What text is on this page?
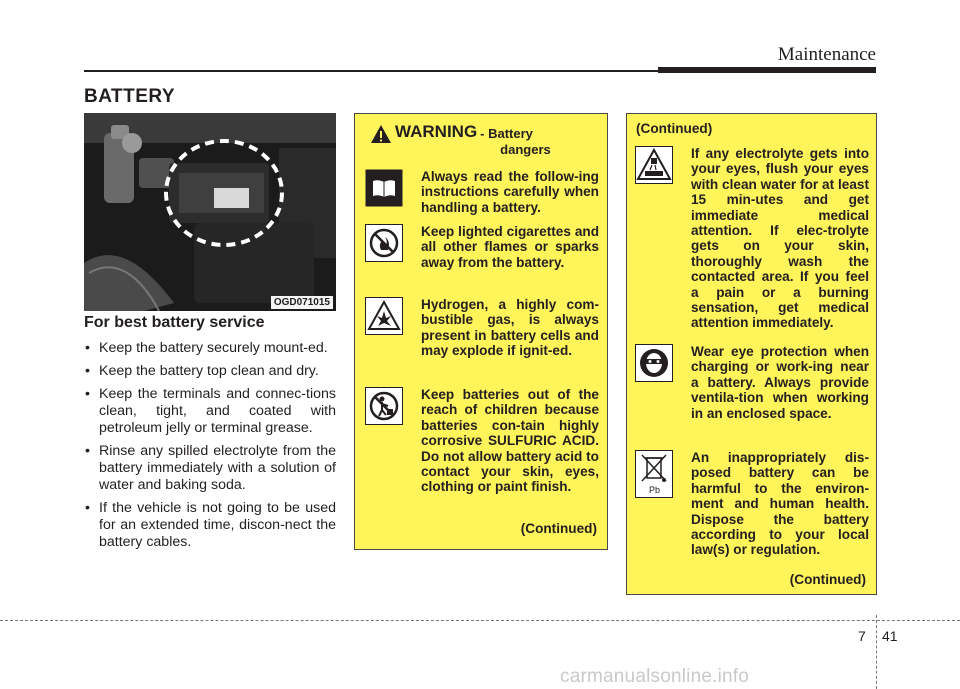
Maintenance
BATTERY
OGD071015
For best battery service
• Keep the battery securely mount-ed.
• Keep the battery top clean and dry.
• Keep the terminals and connec-tions clean, tight, and coated with petroleum jelly or terminal grease.
• Rinse any spilled electrolyte from the battery immediately with a solution of water and baking soda.
• If the vehicle is not going to be used for an extended time, discon-nect the battery cables.
WARNING - Battery
dangers
Always read the follow-ing instructions carefully when handling a battery.
Keep lighted cigarettes and all other flames or sparks away from the battery.
Hydrogen, a highly com-bustible gas, is always present in battery cells and may explode if ignit-ed.
Keep batteries out of the reach of children because batteries con-tain highly corrosive SULFURIC ACID. Do not allow battery acid to contact your skin, eyes, clothing or paint finish.
(Continued)
(Continued)
If any electrolyte gets into your eyes, flush your eyes with clean water for at least 15 min-utes and get immediate medical attention. If elec-trolyte gets on your skin, thoroughly wash the contacted area. If you feel a pain or a burning sensation, get medical attention immediately.
Wear eye protection when charging or work-ing near a battery. Always provide ventila-tion when working in an enclosed space.
Pb
An inappropriately dis-posed battery can be harmful to the environ-ment and human health. Dispose the battery according to your local law(s) or regulation.
(Continued)
7 41
carmanualsonline.info
